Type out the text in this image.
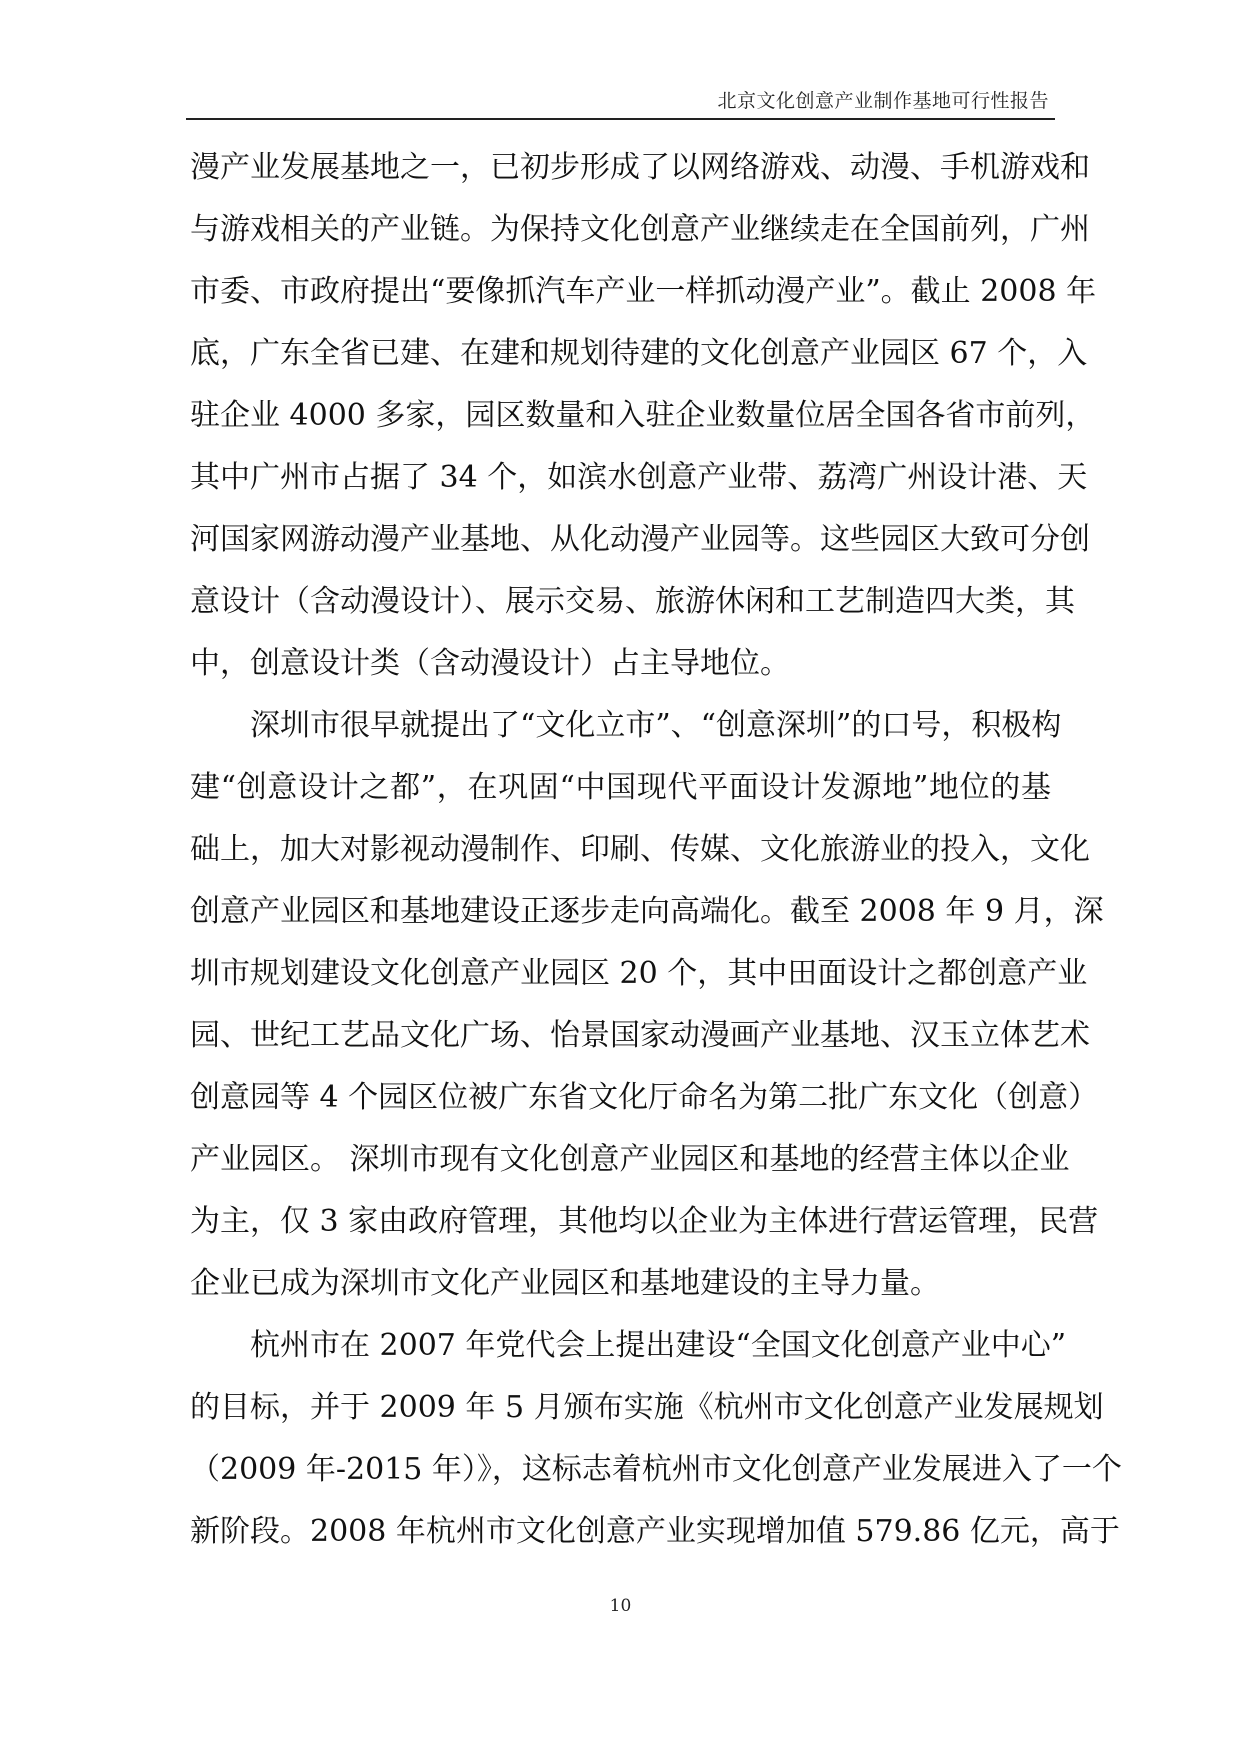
北京文化创意产业制作基地可行性报告
漫产业发展基地之一，已初步形成了以网络游戏、动漫、手机游戏和
与游戏相关的产业链。为保持文化创意产业继续走在全国前列，广州
市委、市政府提出“要像抓汽车产业一样抓动漫产业”。截止 2008 年
底，广东全省已建、在建和规划待建的文化创意产业园区 67 个，入
驻企业 4000 多家，园区数量和入驻企业数量位居全国各省市前列，
其中广州市占据了 34 个，如滨水创意产业带、荔湾广州设计港、天
河国家网游动漫产业基地、从化动漫产业园等。这些园区大致可分创
意设计（含动漫设计）、展示交易、旅游休闲和工艺制造四大类，其
中，创意设计类（含动漫设计）占主导地位。
深圳市很早就提出了“文化立市”、“创意深圳”的口号，积极构
建“创意设计之都”，在巩固“中国现代平面设计发源地”地位的基
础上，加大对影视动漫制作、印刷、传媒、文化旅游业的投入，文化
创意产业园区和基地建设正逐步走向高端化。截至 2008 年 9 月，深
圳市规划建设文化创意产业园区 20 个，其中田面设计之都创意产业
园、世纪工艺品文化广场、怡景国家动漫画产业基地、汉玉立体艺术
创意园等 4 个园区位被广东省文化厅命名为第二批广东文化（创意）
产业园区。 深圳市现有文化创意产业园区和基地的经营主体以企业
为主，仅 3 家由政府管理，其他均以企业为主体进行营运管理，民营
企业已成为深圳市文化产业园区和基地建设的主导力量。
杭州市在 2007 年党代会上提出建设“全国文化创意产业中心”
的目标，并于 2009 年 5 月颁布实施《杭州市文化创意产业发展规划
（2009 年-2015 年）》，这标志着杭州市文化创意产业发展进入了一个
新阶段。2008 年杭州市文化创意产业实现增加值 579.86 亿元，高于
10
